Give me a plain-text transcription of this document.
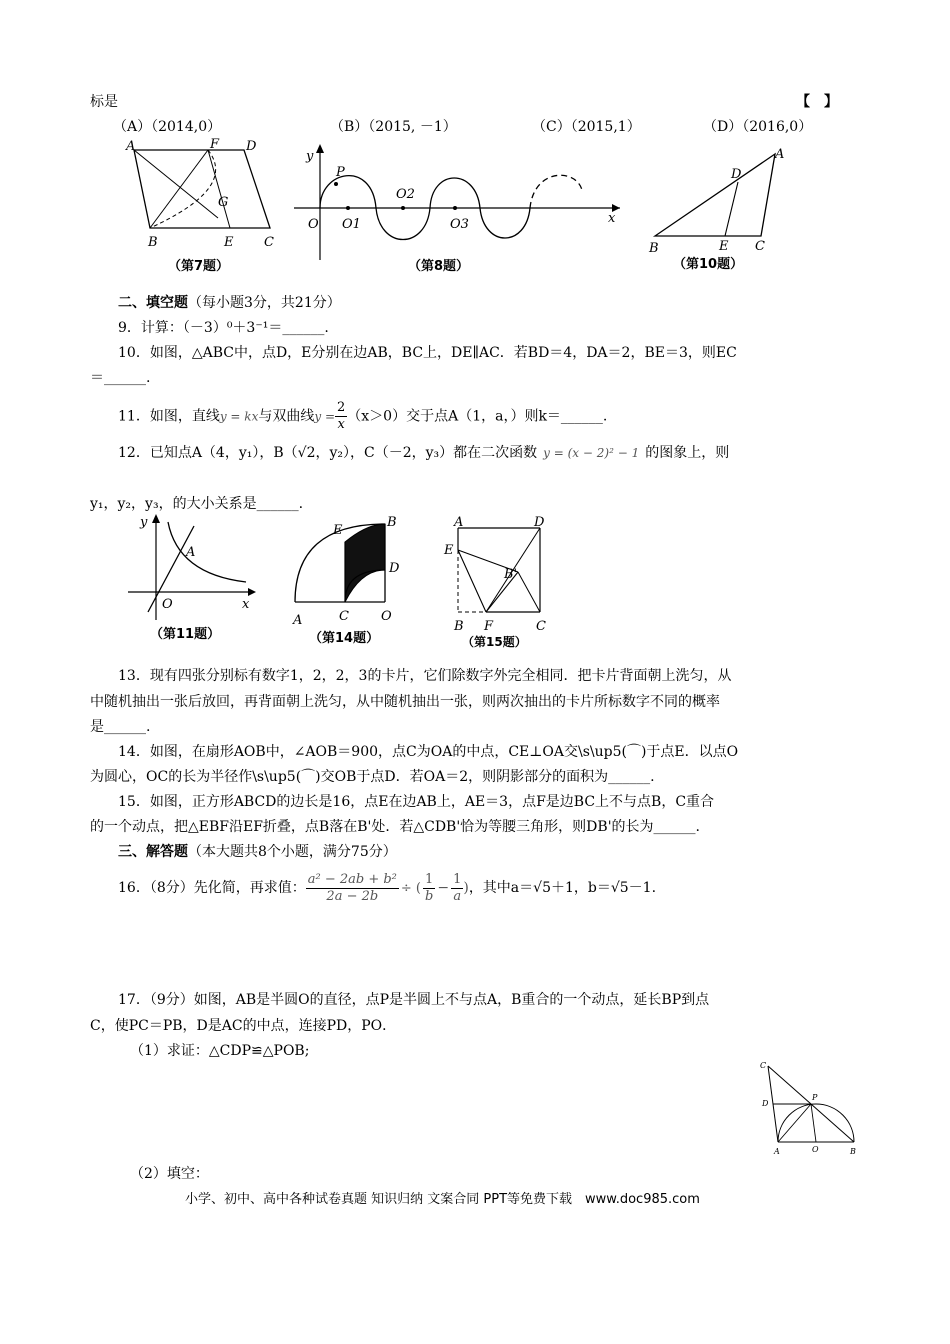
标是	【　】
（A）（2014,0）	（B）（2015, －1）	（C）（2015,1）	（D）（2016,0）
A	F D
G
B	E C
（第7题）
y
P
O O1
O2
O3	x
（第8题）
A
D
B	E C
（第10题）
二、填空题（每小题3分，共21分）
9．计算：（－3）⁰＋3⁻¹＝______.
10．如图，△ABC中，点D，E分别在边AB，BC上，DE∥AC．若BD＝4，DA＝2，BE＝3，则EC
＝______.
11．如图，直线y = kx与双曲线$y = \frac{2}{x} (x>0)$交于点A（1，a，）则k＝______.
12．已知点A（4，y₁），B（√2，y₂），C（－2，y₃）都在二次函数 y = (x − 2)² − 1 的图象上，则
y₁，y₂，y₃，的大小关系是______.
y
A
O	x
（第11题）
E
B
D
A	C O
（第14题）
A	D
E
B'
B F	C
（第15题）
13．现有四张分别标有数字1，2，2，3的卡片，它们除数字外完全相同．把卡片背面朝上洗匀，从
中随机抽出一张后放回，再背面朝上洗匀，从中随机抽出一张，则两次抽出的卡片所标数字不同的概率
是______.
14．如图，在扇形AOB中，∠AOB＝900，点C为OA的中点，CE⊥OA交\s\up5(⌒)于点E．以点O
为圆心，OC的长为半径作\s\up5(⌒)交OB于点D．若OA＝2，则阴影部分的面积为______.
15．如图，正方形ABCD的边长是16，点E在边AB上，AE＝3，点F是边BC上不与点B，C重合
的一个动点，把△EBF沿EF折叠，点B落在B'处．若△CDB'恰为等腰三角形，则DB'的长为______.
三、解答题（本大题共8个小题，满分75分）
16．（8分）先化简，再求值： $\frac{\text{a² − 2ab + b²}}{2a - 2b}$ ÷ ( $\frac{1}{b} - \frac{1}{a}$ )，其中a＝√5＋1，b＝√5－1.
17．（9分）如图，AB是半圆O的直径，点P是半圆上不与点A，B重合的一个动点，延长BP到点
C，使PC＝PB，D是AC的中点，连接PD，PO．
（1）求证：△CDP≌△POB;
C
D
P
A	O	B
（2）填空：
小学、初中、高中各种试卷真题 知识归纳 文案合同 PPT等免费下载　www.doc985.com
